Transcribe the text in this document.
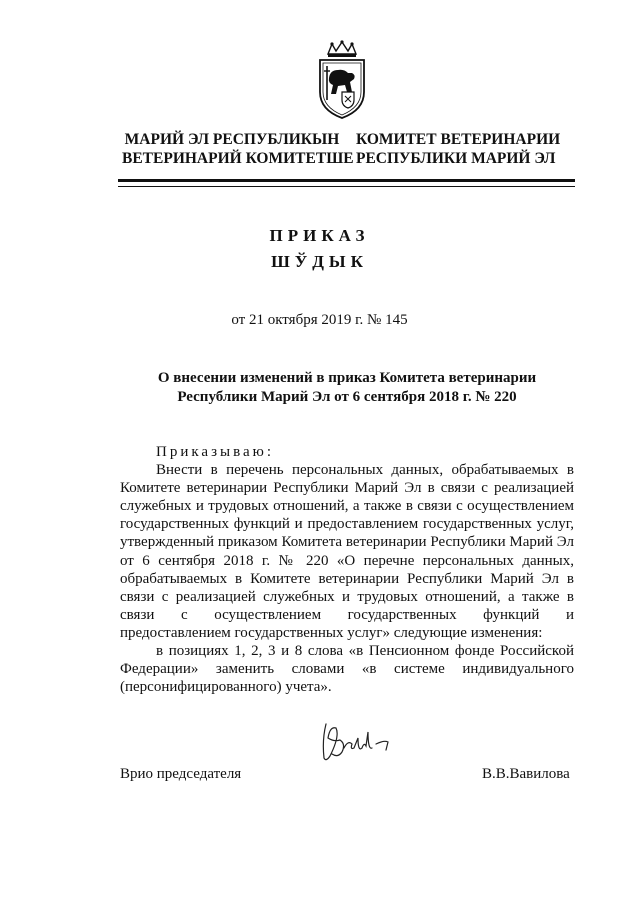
МАРИЙ ЭЛ РЕСПУБЛИКЫН
ВЕТЕРИНАРИЙ КОМИТЕТШЕ
КОМИТЕТ ВЕТЕРИНАРИИ
РЕСПУБЛИКИ МАРИЙ ЭЛ
ПРИКАЗ
ШЎДЫК
от 21 октября 2019 г. № 145
О внесении изменений в приказ Комитета ветеринарии
Республики Марий Эл от 6 сентября 2018 г. № 220

Приказываю:

Внести в перечень персональных данных, обрабатываемых в Комитете ветеринарии Республики Марий Эл в связи с реализацией служебных и трудовых отношений, а также в связи с осуществлением государственных функций и предоставлением государственных услуг, утвержденный приказом Комитета ветеринарии Республики Марий Эл от 6 сентября 2018 г. № 220 «О перечне персональных данных, обрабатываемых в Комитете ветеринарии Республики Марий Эл в связи с реализацией служебных и трудовых отношений, а также в связи с осуществлением государственных функций и предоставлением государственных услуг» следующие изменения:

в позициях 1, 2, 3 и 8 слова «в Пенсионном фонде Российской Федерации» заменить словами «в системе индивидуального (персонифицированного) учета».

Врио председателя	В.В.Вавилова
